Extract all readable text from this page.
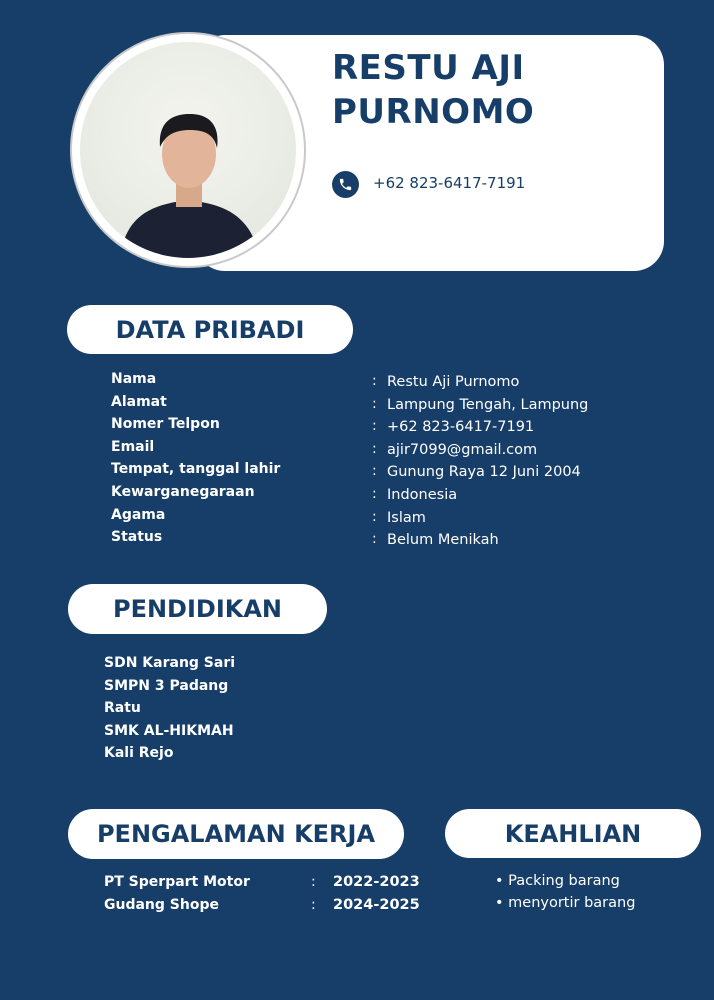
RESTU AJI
PURNOMO
+62 823-6417-7191
DATA PRIBADI
Nama	: Restu Aji Purnomo
Alamat	: Lampung Tengah, Lampung
Nomer Telpon	: +62 823-6417-7191
Email	: ajir7099@gmail.com
Tempat, tanggal lahir	: Gunung Raya 12 Juni 2004
Kewarganegaraan	: Indonesia
Agama	: Islam
Status	: Belum Menikah
PENDIDIKAN
SDN Karang Sari
SMPN 3 Padang
Ratu
SMK AL-HIKMAH
Kali Rejo
PENGALAMAN KERJA	KEAHLIAN
PT Sperpart Motor	: 2022-2023
Gudang Shope	: 2024-2025
• Packing barang
• menyortir barang
